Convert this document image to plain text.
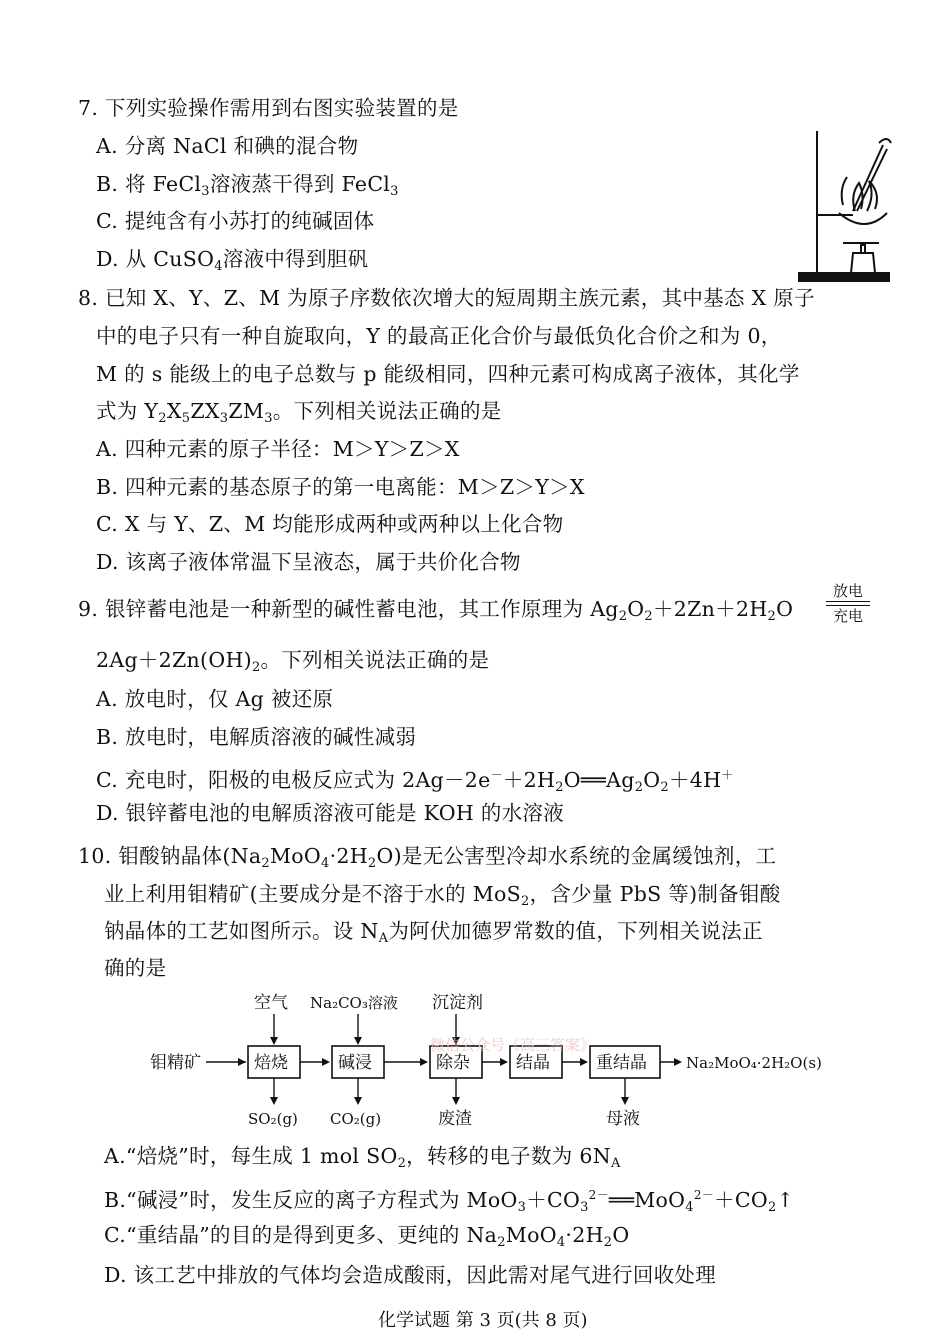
7. 下列实验操作需用到右图实验装置的是
A. 分离 NaCl 和碘的混合物
B. 将 FeCl$_3$溶液蒸干得到 FeCl$_3$
C. 提纯含有小苏打的纯碱固体
D. 从 CuSO$_4$溶液中得到胆矾
8. 已知 X、Y、Z、M 为原子序数依次增大的短周期主族元素，其中基态 X 原子
中的电子只有一种自旋取向，Y 的最高正化合价与最低负化合价之和为 0，
M 的 s 能级上的电子总数与 p 能级相同，四种元素可构成离子液体，其化学
式为 $Y_2X_5ZX_3ZM_3$。下列相关说法正确的是
A. 四种元素的原子半径：M＞Y＞Z＞X
B. 四种元素的基态原子的第一电离能：M＞Z＞Y＞X
C. X 与 Y、Z、M 均能形成两种或两种以上化合物
D. 该离子液体常温下呈液态，属于共价化合物
9. 银锌蓄电池是一种新型的碱性蓄电池，其工作原理为 $Ag_2O_2+2Zn+2H_2O$
放电
充电
$2Ag+2Zn(OH)_2$。下列相关说法正确的是
A. 放电时，仅 Ag 被还原
B. 放电时，电解质溶液的碱性减弱
C. 充电时，阳极的电极反应式为 $2Ag-2e^-+2H_2O══Ag_2O_2+4H^+$
D. 银锌蓄电池的电解质溶液可能是 KOH 的水溶液
10. 钼酸钠晶体$(Na_2MoO_4\cdot 2H_2O)$是无公害型冷却水系统的金属缓蚀剂，工
业上利用钼精矿(主要成分是不溶于水的 MoS$_2$，含少量 PbS 等)制备钼酸
钠晶体的工艺如图所示。设 $N_A$为阿伏加德罗常数的值，下列相关说法正
确的是
钼精矿	焙烧	碱浸	除杂	结晶	重结晶	Na₂MoO₄·2H₂O(s)
空气 Na₂CO₃溶液 沉淀剂
SO₂(g) CO₂(g)	废渣	母液
微信公众号《高三答案》
A.“焙烧”时，每生成 1 mol $SO_2$，转移的电子数为 $6N_A$
B.“碱浸”时，发生反应的离子方程式为 $MoO_3+CO_3^{2-}══MoO_4^{2-}+CO_2↑$
C.“重结晶”的目的是得到更多、更纯的 $Na_2MoO_4\cdot 2H_2O$
D. 该工艺中排放的气体均会造成酸雨，因此需对尾气进行回收处理
化学试题 第 3 页(共 8 页)
